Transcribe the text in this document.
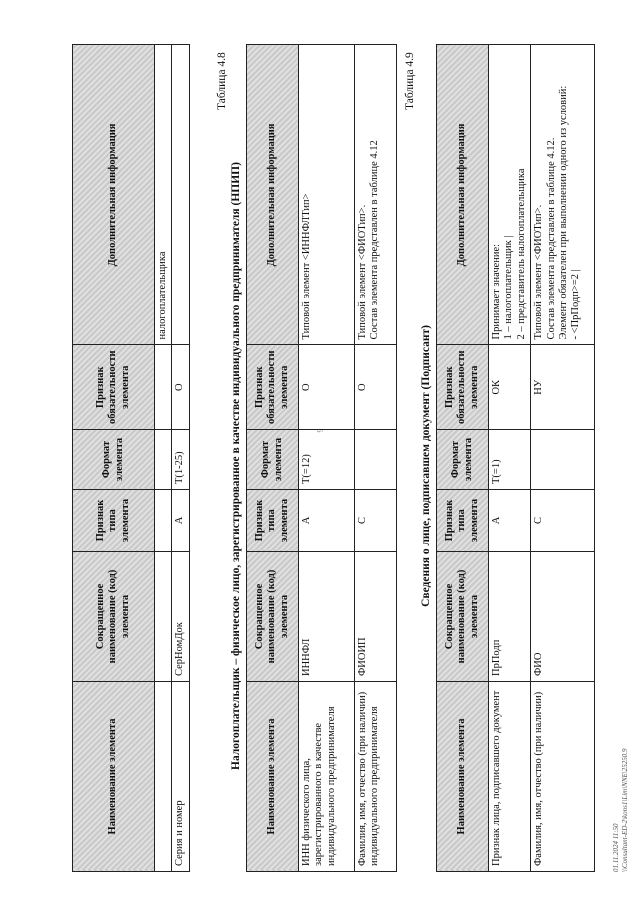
9
Наименование элемента	Сокращенное наименование (код) элемента	Признак типа элемента	Формат элемента	Признак обязательности элемента	Дополнительная информация
					налогоплательщика
Серия и номер	СерНомДок	А	Т(1-25)	О	
Таблица 4.8
Налогоплательщик – физическое лицо, зарегистрированное в качестве индивидуального предпринимателя (НПИП)
Наименование элемента	Сокращенное наименование (код) элемента	Признак типа элемента	Формат элемента	Признак обязательности элемента	Дополнительная информация
ИНН физического лица, зарегистрированного в качестве индивидуального предпринимателя	ИННФЛ	А	Т(=12)	О	Типовой элемент <ИННФЛТип>
Фамилия, имя, отчество (при наличии) индивидуального предпринимателя	ФИОИП	С		О	Типовой элемент <ФИОТип>. Состав элемента представлен в таблице 4.12
Таблица 4.9
Сведения о лице, подписавшем документ (Подписант)
Наименование элемента	Сокращенное наименование (код) элемента	Признак типа элемента	Формат элемента	Признак обязательности элемента	Дополнительная информация
Признак лица, подписавшего документ	ПрПодп	А	Т(=1)	ОК	Принимает значение: 1 – налогоплательщик | 2 – представитель налогоплательщика

Фамилия, имя, отчество (при наличии)	ФИО	С		НУ	Типовой элемент <ФИОТип>. Состав элемента представлен в таблице 4.12. Элемент обязателен при выполнении одного из условий: - <ПрПодп>=2 |
01.11.2024 11:50 \\Consultant-ED-2\kons1\Lim\NNE\25250.9
